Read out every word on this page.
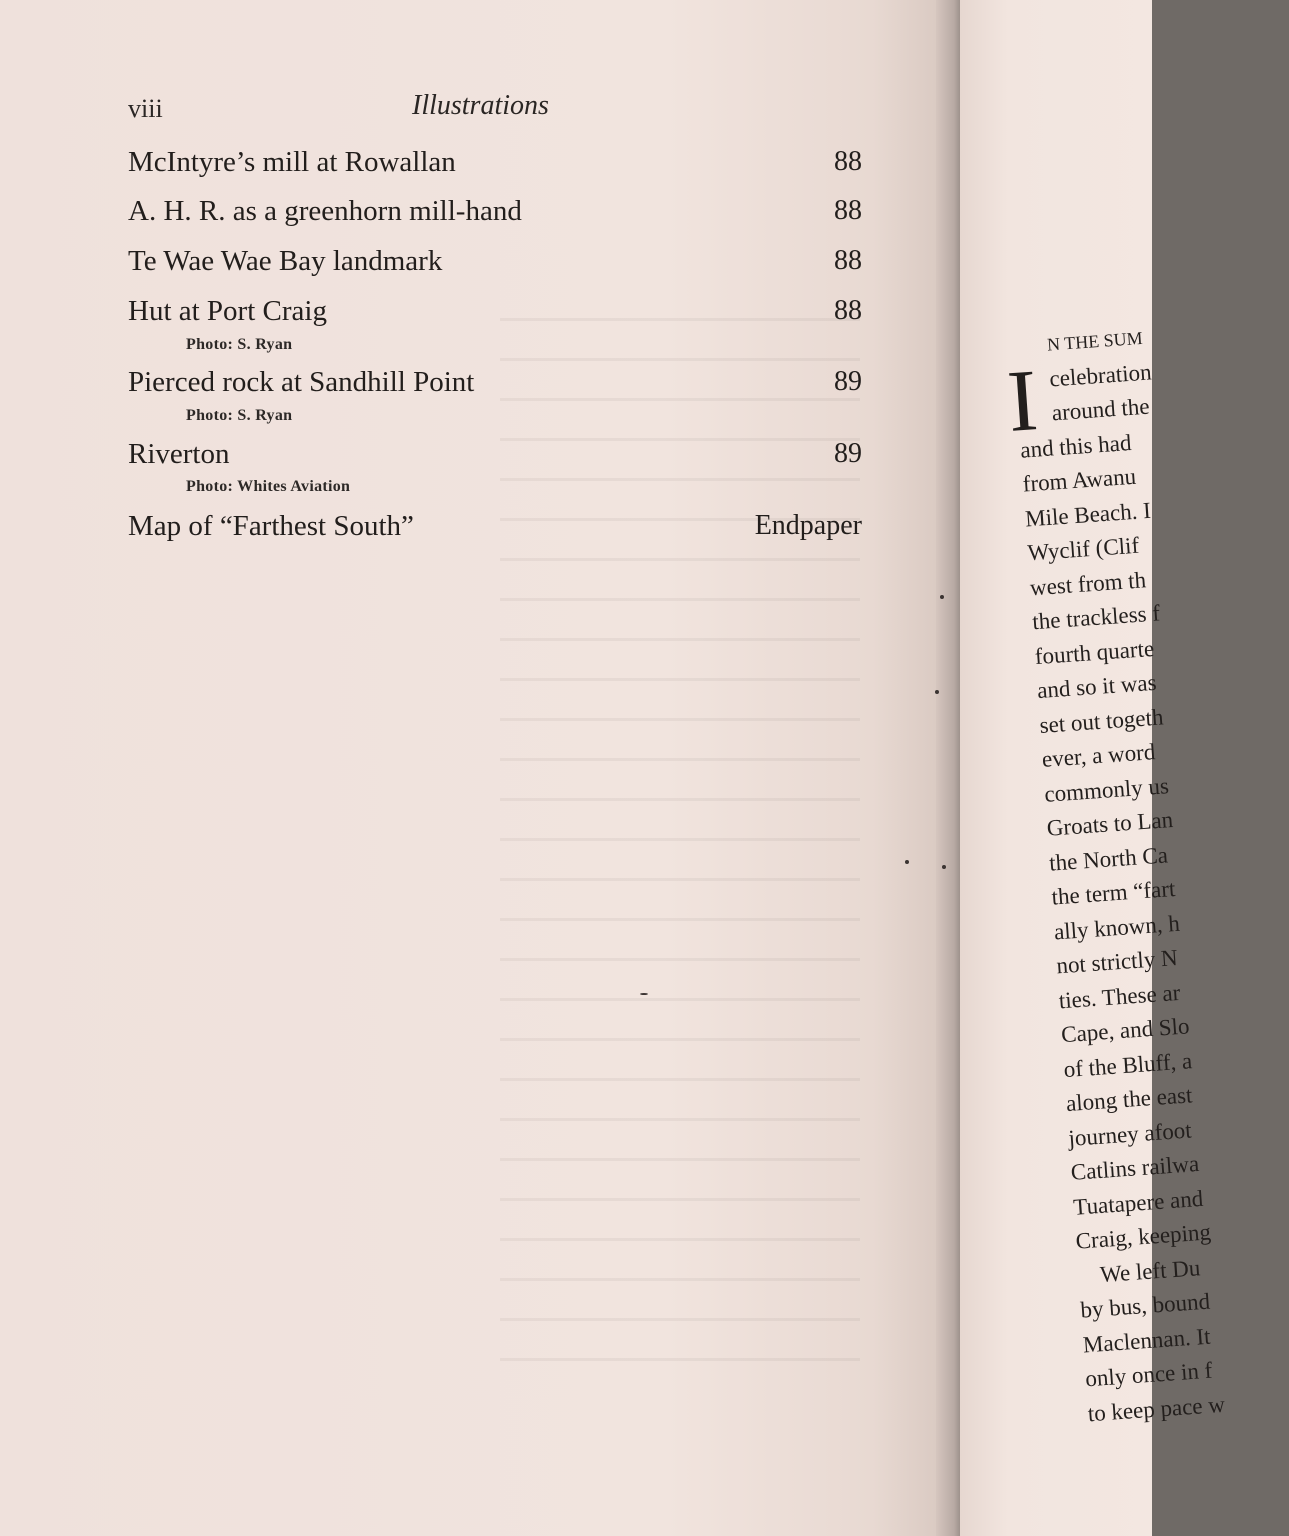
viii	Illustrations
McIntyre’s mill at Rowallan	88
A. H. R. as a greenhorn mill-hand	88
Te Wae Wae Bay landmark	88
Hut at Port Craig	88
Photo: S. Ryan
Pierced rock at Sandhill Point	89
Photo: S. Ryan
Riverton	89
Photo: Whites Aviation
Map of “Farthest South”	Endpaper
I
N THE SUM
celebration
around the
and this had
from Awanu
Mile Beach. I
Wyclif (Clif
west from th
the trackless f
fourth quarte
and so it was
set out togeth
ever, a word
commonly us
Groats to Lan
the North Ca
the term “fart
ally known, h
not strictly N
ties. These ar
Cape, and Slo
of the Bluff, a
along the east
journey afoot
Catlins railwa
Tuatapere and
Craig, keeping
We left Du
by bus, bound
Maclennan. It
only once in f
to keep pace w
